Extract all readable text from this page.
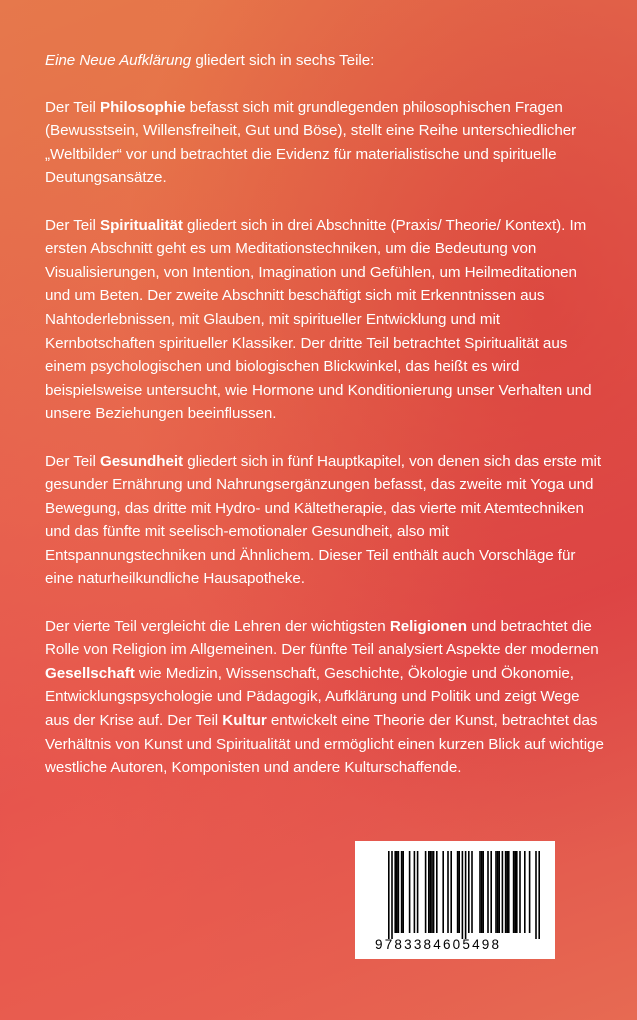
Eine Neue Aufklärung gliedert sich in sechs Teile:

Der Teil Philosophie befasst sich mit grundlegenden philosophischen Fragen (Bewusstsein, Willensfreiheit, Gut und Böse), stellt eine Reihe unterschiedlicher „Weltbilder“ vor und betrachtet die Evidenz für materialistische und spirituelle Deutungsansätze.

Der Teil Spiritualität gliedert sich in drei Abschnitte (Praxis/ Theorie/ Kontext). Im ersten Abschnitt geht es um Meditationstechniken, um die Bedeutung von Visualisierungen, von Intention, Imagination und Gefühlen, um Heilmeditationen und um Beten. Der zweite Abschnitt beschäftigt sich mit Erkenntnissen aus Nahtoderlebnissen, mit Glauben, mit spiritueller Entwicklung und mit Kernbotschaften spiritueller Klassiker. Der dritte Teil betrachtet Spiritualität aus einem psychologischen und biologischen Blickwinkel, das heißt es wird beispielsweise untersucht, wie Hormone und Konditionierung unser Verhalten und unsere Beziehungen beeinflussen.

Der Teil Gesundheit gliedert sich in fünf Hauptkapitel, von denen sich das erste mit gesunder Ernährung und Nahrungsergänzungen befasst, das zweite mit Yoga und Bewegung, das dritte mit Hydro- und Kältetherapie, das vierte mit Atemtechniken und das fünfte mit seelisch-emotionaler Gesundheit, also mit Entspannungstechniken und Ähnlichem. Dieser Teil enthält auch Vorschläge für eine naturheilkundliche Hausapotheke.

Der vierte Teil vergleicht die Lehren der wichtigsten Religionen und betrachtet die Rolle von Religion im Allgemeinen. Der fünfte Teil analysiert Aspekte der modernen Gesellschaft wie Medizin, Wissenschaft, Geschichte, Ökologie und Ökonomie, Entwicklungspsychologie und Pädagogik, Aufklärung und Politik und zeigt Wege aus der Krise auf. Der Teil Kultur entwickelt eine Theorie der Kunst, betrachtet das Verhältnis von Kunst und Spiritualität und ermöglicht einen kurzen Blick auf wichtige westliche Autoren, Komponisten und andere Kulturschaffende.

9783384605498
